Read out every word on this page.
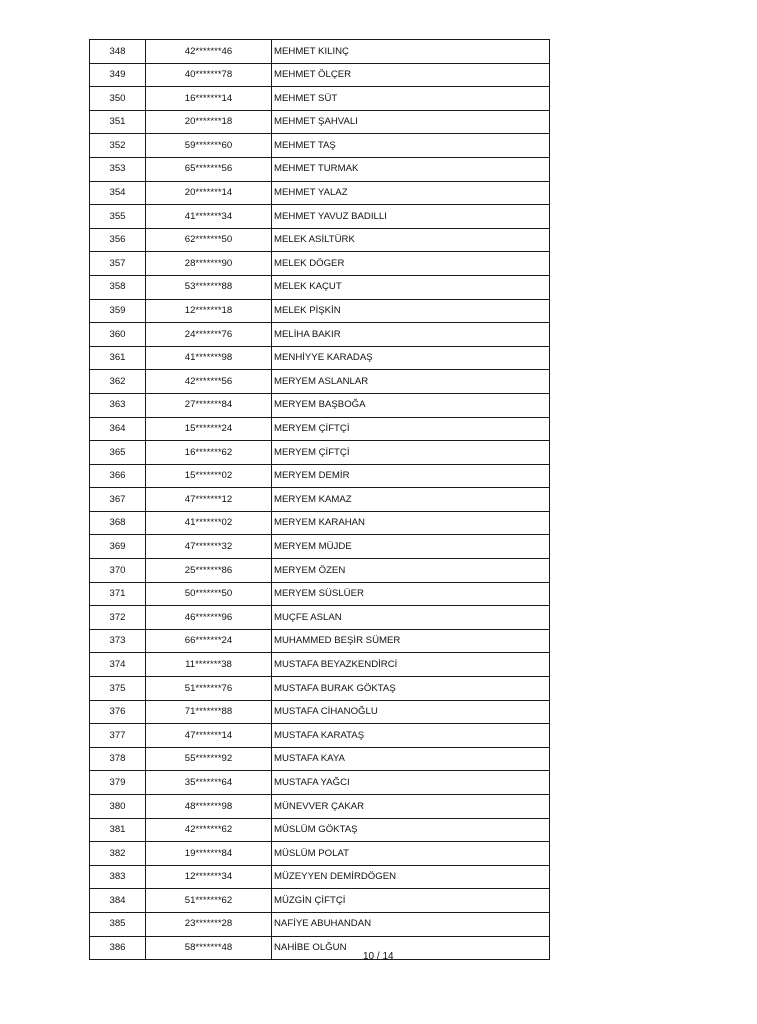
348	42*******46	MEHMET KILINÇ
349	40*******78	MEHMET ÖLÇER
350	16*******14	MEHMET SÜT
351	20*******18	MEHMET ŞAHVALI
352	59*******60	MEHMET TAŞ
353	65*******56	MEHMET TURMAK
354	20*******14	MEHMET YALAZ
355	41*******34	MEHMET YAVUZ BADILLI
356	62*******50	MELEK ASİLTÜRK
357	28*******90	MELEK DÖGER
358	53*******88	MELEK KAÇUT
359	12*******18	MELEK PİŞKİN
360	24*******76	MELİHA BAKIR
361	41*******98	MENHİYYE KARADAŞ
362	42*******56	MERYEM ASLANLAR
363	27*******84	MERYEM BAŞBOĞA
364	15*******24	MERYEM ÇİFTÇİ
365	16*******62	MERYEM ÇİFTÇİ
366	15*******02	MERYEM DEMİR
367	47*******12	MERYEM KAMAZ
368	41*******02	MERYEM KARAHAN
369	47*******32	MERYEM MÜJDE
370	25*******86	MERYEM ÖZEN
371	50*******50	MERYEM SÜSLÜER
372	46*******96	MUÇFE ASLAN
373	66*******24	MUHAMMED BEŞİR SÜMER
374	11*******38	MUSTAFA BEYAZKENDİRCİ
375	51*******76	MUSTAFA BURAK GÖKTAŞ
376	71*******88	MUSTAFA CİHANOĞLU
377	47*******14	MUSTAFA KARATAŞ
378	55*******92	MUSTAFA KAYA
379	35*******64	MUSTAFA YAĞCI
380	48*******98	MÜNEVVER ÇAKAR
381	42*******62	MÜSLÜM GÖKTAŞ
382	19*******84	MÜSLÜM POLAT
383	12*******34	MÜZEYYEN DEMİRDÖGEN
384	51*******62	MÜZGİN ÇİFTÇİ
385	23*******28	NAFİYE ABUHANDAN
386	58*******48	NAHİBE OLĞUN
10 / 14
